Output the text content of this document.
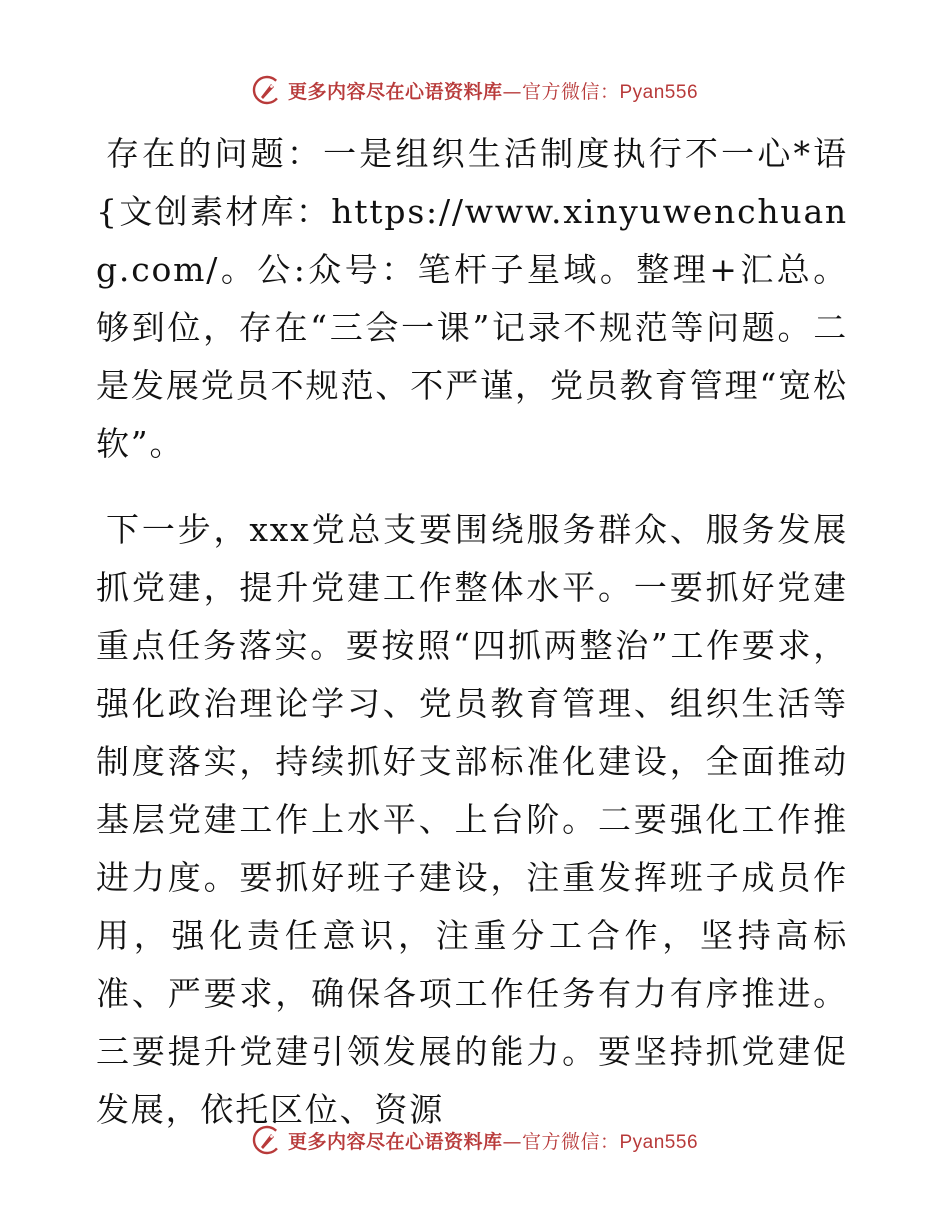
更多内容尽在心语资料库—官方微信：Pyan556

存在的问题：一是组织生活制度执行不一心*语{文创素材库：https://www.xinyuwenchuang.com/。公:众号：笔杆子星域。整理+汇总。够到位，存在“三会一课”记录不规范等问题。二是发展党员不规范、不严谨，党员教育管理“宽松软”。

下一步，xxx党总支要围绕服务群众、服务发展抓党建，提升党建工作整体水平。一要抓好党建重点任务落实。要按照“四抓两整治”工作要求，强化政治理论学习、党员教育管理、组织生活等制度落实，持续抓好支部标准化建设，全面推动基层党建工作上水平、上台阶。二要强化工作推进力度。要抓好班子建设，注重发挥班子成员作用，强化责任意识，注重分工合作，坚持高标准、严要求，确保各项工作任务有力有序推进。三要提升党建引领发展的能力。要坚持抓党建促发展，依托区位、资源

更多内容尽在心语资料库—官方微信：Pyan556
